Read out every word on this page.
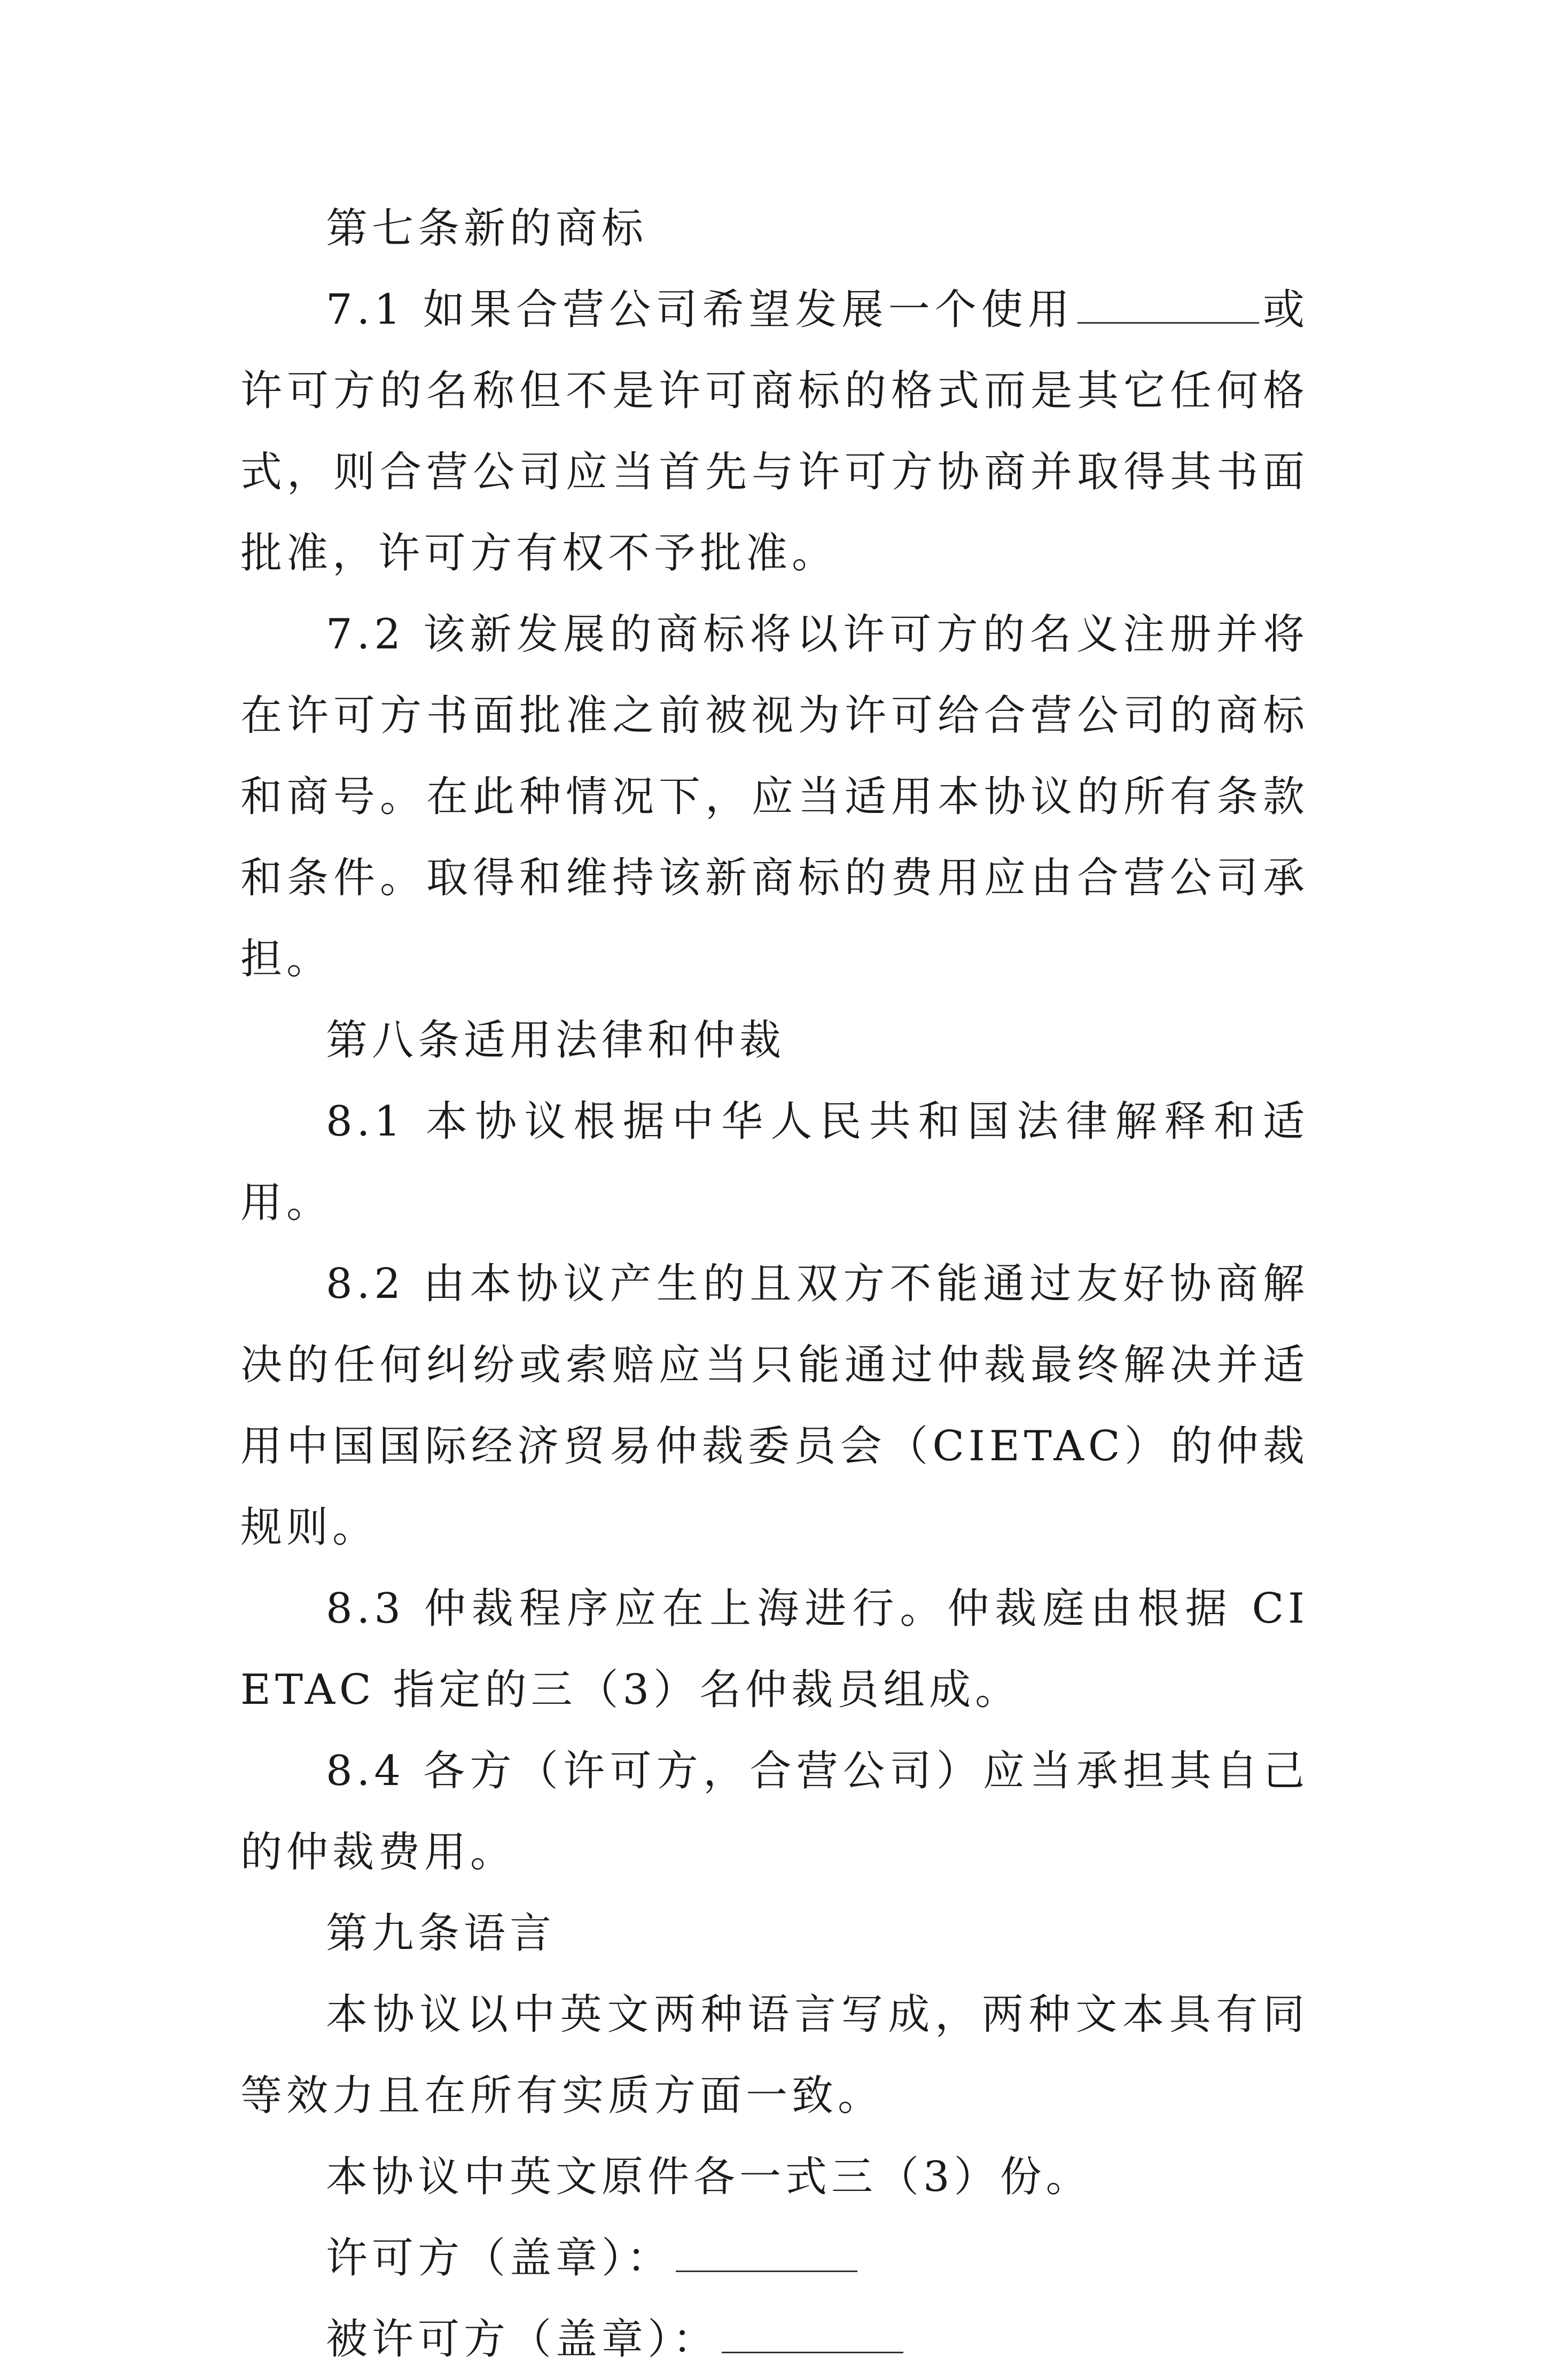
第七条新的商标

7.1 如果合营公司希望发展一个使用	或许可方的名称但不是许可商标的格式而是其它任何格式，则合营公司应当首先与许可方协商并取得其书面批准，许可方有权不予批准。

7.2 该新发展的商标将以许可方的名义注册并将在许可方书面批准之前被视为许可给合营公司的商标和商号。在此种情况下，应当适用本协议的所有条款和条件。取得和维持该新商标的费用应由合营公司承担。

第八条适用法律和仲裁

8.1 本协议根据中华人民共和国法律解释和适用。

8.2 由本协议产生的且双方不能通过友好协商解决的任何纠纷或索赔应当只能通过仲裁最终解决并适用中国国际经济贸易仲裁委员会（CIETAC）的仲裁规则。

8.3 仲裁程序应在上海进行。仲裁庭由根据 CIETAC 指定的三（3）名仲裁员组成。

8.4 各方（许可方，合营公司）应当承担其自己的仲裁费用。

第九条语言

本协议以中英文两种语言写成，两种文本具有同等效力且在所有实质方面一致。

本协议中英文原件各一式三（3）份。

许可方（盖章）：

被许可方（盖章）：
